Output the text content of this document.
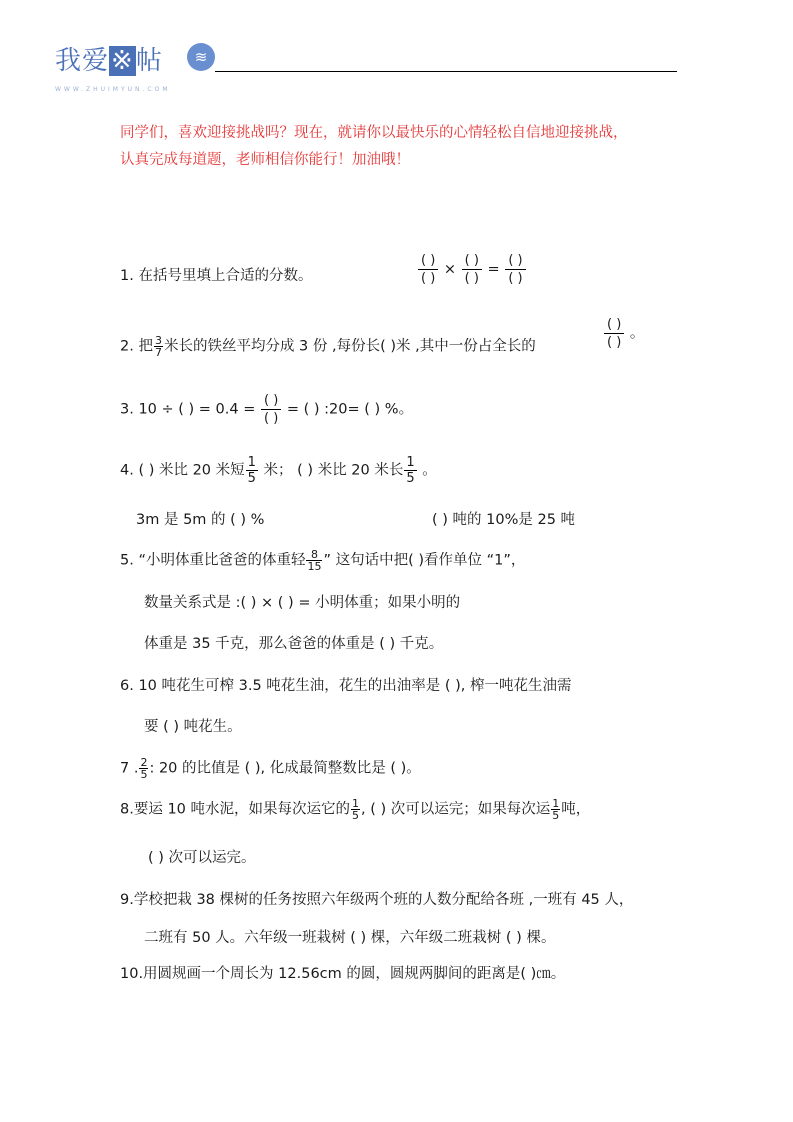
我爱※帖	≋
WWW.ZHUIMYUN.COM
同学们，喜欢迎接挑战吗？现在，就请你以最快乐的心情轻松自信地迎接挑战，
认真完成每道题，老师相信你能行！加油哦！
1. 在括号里填上合适的分数。	$\frac{( )}{( )} \times \frac{( )}{( )} = \frac{( )}{( )}$
2. 把 $\frac{3}{7}$ 米长的铁丝平均分成 3 份 ,每份长( )米 ,其中一份占全长的	$\frac{( )}{( )}$ 。
3. 10 ÷ ( ) = $0.4 = \frac{( )}{( )}$ = ( ) :20= ( ) %。
4. ( ) 米比 20 米短 $\frac{1}{5}$ 米； ( ) 米比 20 米长 $\frac{1}{5}$ 。
3m 是 5m 的 ( ) %	( ) 吨的 10%是 25 吨
5. “小明体重比爸爸的体重轻 $\frac{8}{15}$ ” 这句话中把( )看作单位 “1”，
数量关系式是 :( ) × ( ) = 小明体重；如果小明的
体重是 35 千克，那么爸爸的体重是 ( ) 千克。
6. 10 吨花生可榨 3.5 吨花生油，花生的出油率是 ( ), 榨一吨花生油需
要 ( ) 吨花生。
7 . $\frac{2}{5}$ : 20 的比值是 ( ), 化成最简整数比是 ( )。
8.要运 10 吨水泥，如果每次运它的 $\frac{1}{5}$ , ( ) 次可以运完；如果每次运 $\frac{1}{5}$ 吨，
( ) 次可以运完。
9.学校把栽 38 棵树的任务按照六年级两个班的人数分配给各班 ,一班有 45 人，
二班有 50 人。六年级一班栽树 ( ) 棵，六年级二班栽树 ( ) 棵。
10.用圆规画一个周长为 12.56cm 的圆，圆规两脚间的距离是( )㎝。
